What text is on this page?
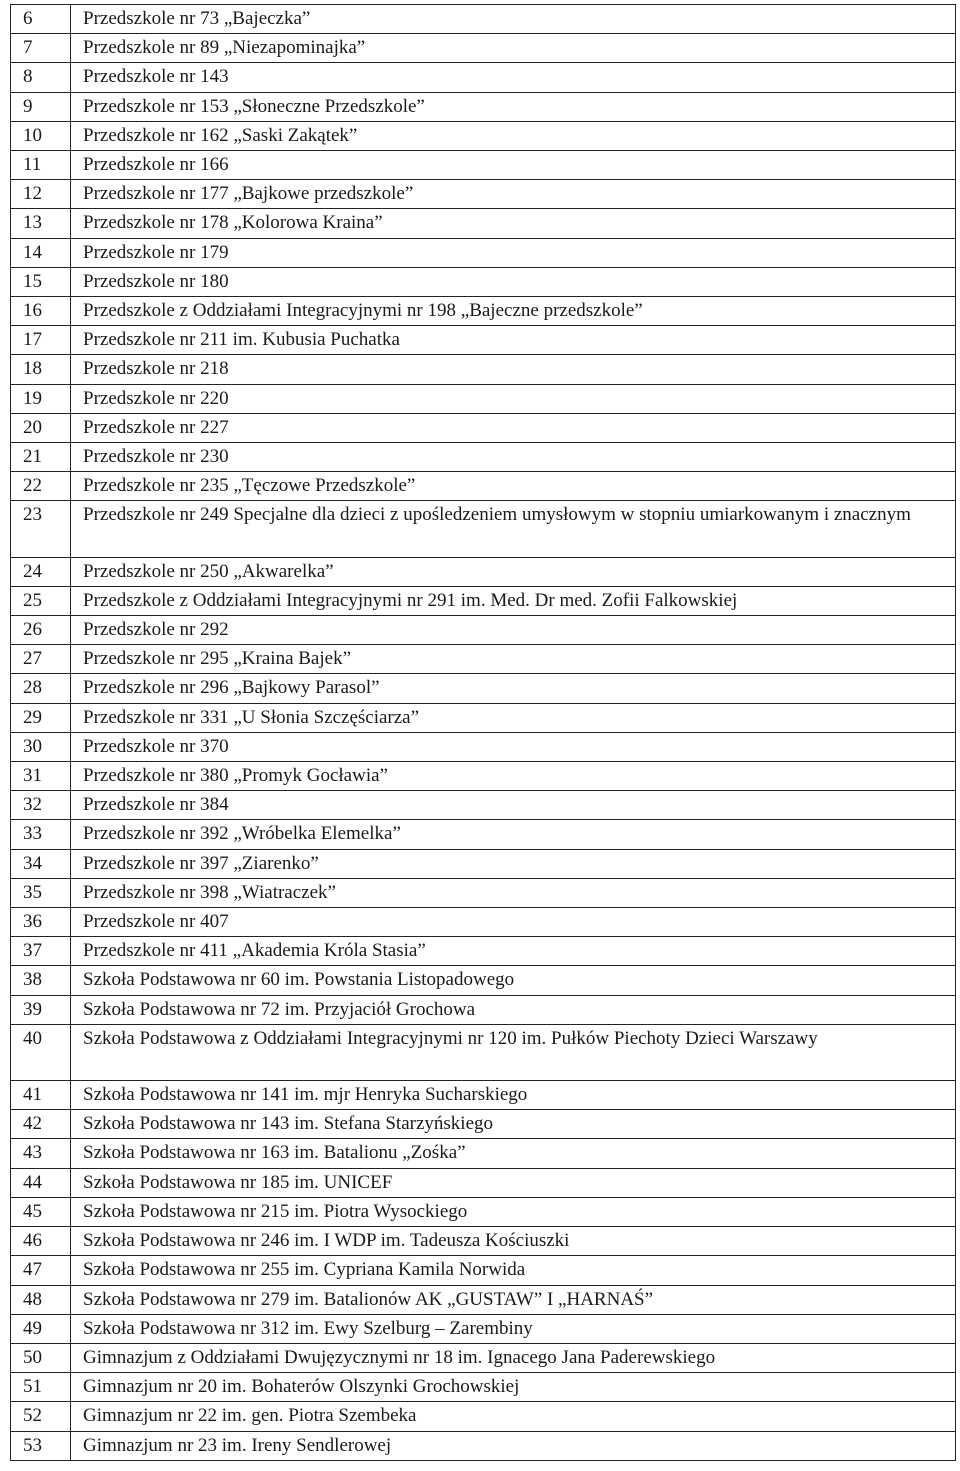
6	Przedszkole nr 73 „Bajeczka”
7	Przedszkole nr 89 „Niezapominajka”
8	Przedszkole nr 143
9	Przedszkole nr 153 „Słoneczne Przedszkole”
10	Przedszkole nr 162 „Saski Zakątek”
11	Przedszkole nr 166
12	Przedszkole nr 177 „Bajkowe przedszkole”
13	Przedszkole nr 178 „Kolorowa Kraina”
14	Przedszkole nr 179
15	Przedszkole nr 180
16	Przedszkole z Oddziałami Integracyjnymi nr 198 „Bajeczne przedszkole”
17	Przedszkole nr 211 im. Kubusia Puchatka
18	Przedszkole nr 218
19	Przedszkole nr 220
20	Przedszkole nr 227
21	Przedszkole nr 230
22	Przedszkole nr 235 „Tęczowe Przedszkole”
23	Przedszkole nr 249 Specjalne dla dzieci z upośledzeniem umysłowym w stopniu umiarkowanym i znacznym
24	Przedszkole nr 250 „Akwarelka”
25	Przedszkole z Oddziałami Integracyjnymi nr 291 im. Med. Dr med. Zofii Falkowskiej
26	Przedszkole nr 292
27	Przedszkole nr 295 „Kraina Bajek”
28	Przedszkole nr 296 „Bajkowy Parasol”
29	Przedszkole nr 331 „U Słonia Szczęściarza”
30	Przedszkole nr 370
31	Przedszkole nr 380 „Promyk Gocławia”
32	Przedszkole nr 384
33	Przedszkole nr 392 „Wróbelka Elemelka”
34	Przedszkole nr 397 „Ziarenko”
35	Przedszkole nr 398 „Wiatraczek”
36	Przedszkole nr 407
37	Przedszkole nr 411 „Akademia Króla Stasia”
38	Szkoła Podstawowa nr 60 im. Powstania Listopadowego
39	Szkoła Podstawowa nr 72 im. Przyjaciół Grochowa
40	Szkoła Podstawowa z Oddziałami Integracyjnymi nr 120 im. Pułków Piechoty Dzieci Warszawy
41	Szkoła Podstawowa nr 141 im. mjr Henryka Sucharskiego
42	Szkoła Podstawowa nr 143 im. Stefana Starzyńskiego
43	Szkoła Podstawowa nr 163 im. Batalionu „Zośka”
44	Szkoła Podstawowa nr 185 im. UNICEF
45	Szkoła Podstawowa nr 215 im. Piotra Wysockiego
46	Szkoła Podstawowa nr 246 im. I WDP im. Tadeusza Kościuszki
47	Szkoła Podstawowa nr 255 im. Cypriana Kamila Norwida
48	Szkoła Podstawowa nr 279 im. Batalionów AK „GUSTAW” I „HARNAŚ”
49	Szkoła Podstawowa nr 312 im. Ewy Szelburg – Zarembiny
50	Gimnazjum z Oddziałami Dwujęzycznymi nr 18 im. Ignacego Jana Paderewskiego
51	Gimnazjum nr 20 im. Bohaterów Olszynki Grochowskiej
52	Gimnazjum nr 22 im. gen. Piotra Szembeka
53	Gimnazjum nr 23 im. Ireny Sendlerowej
